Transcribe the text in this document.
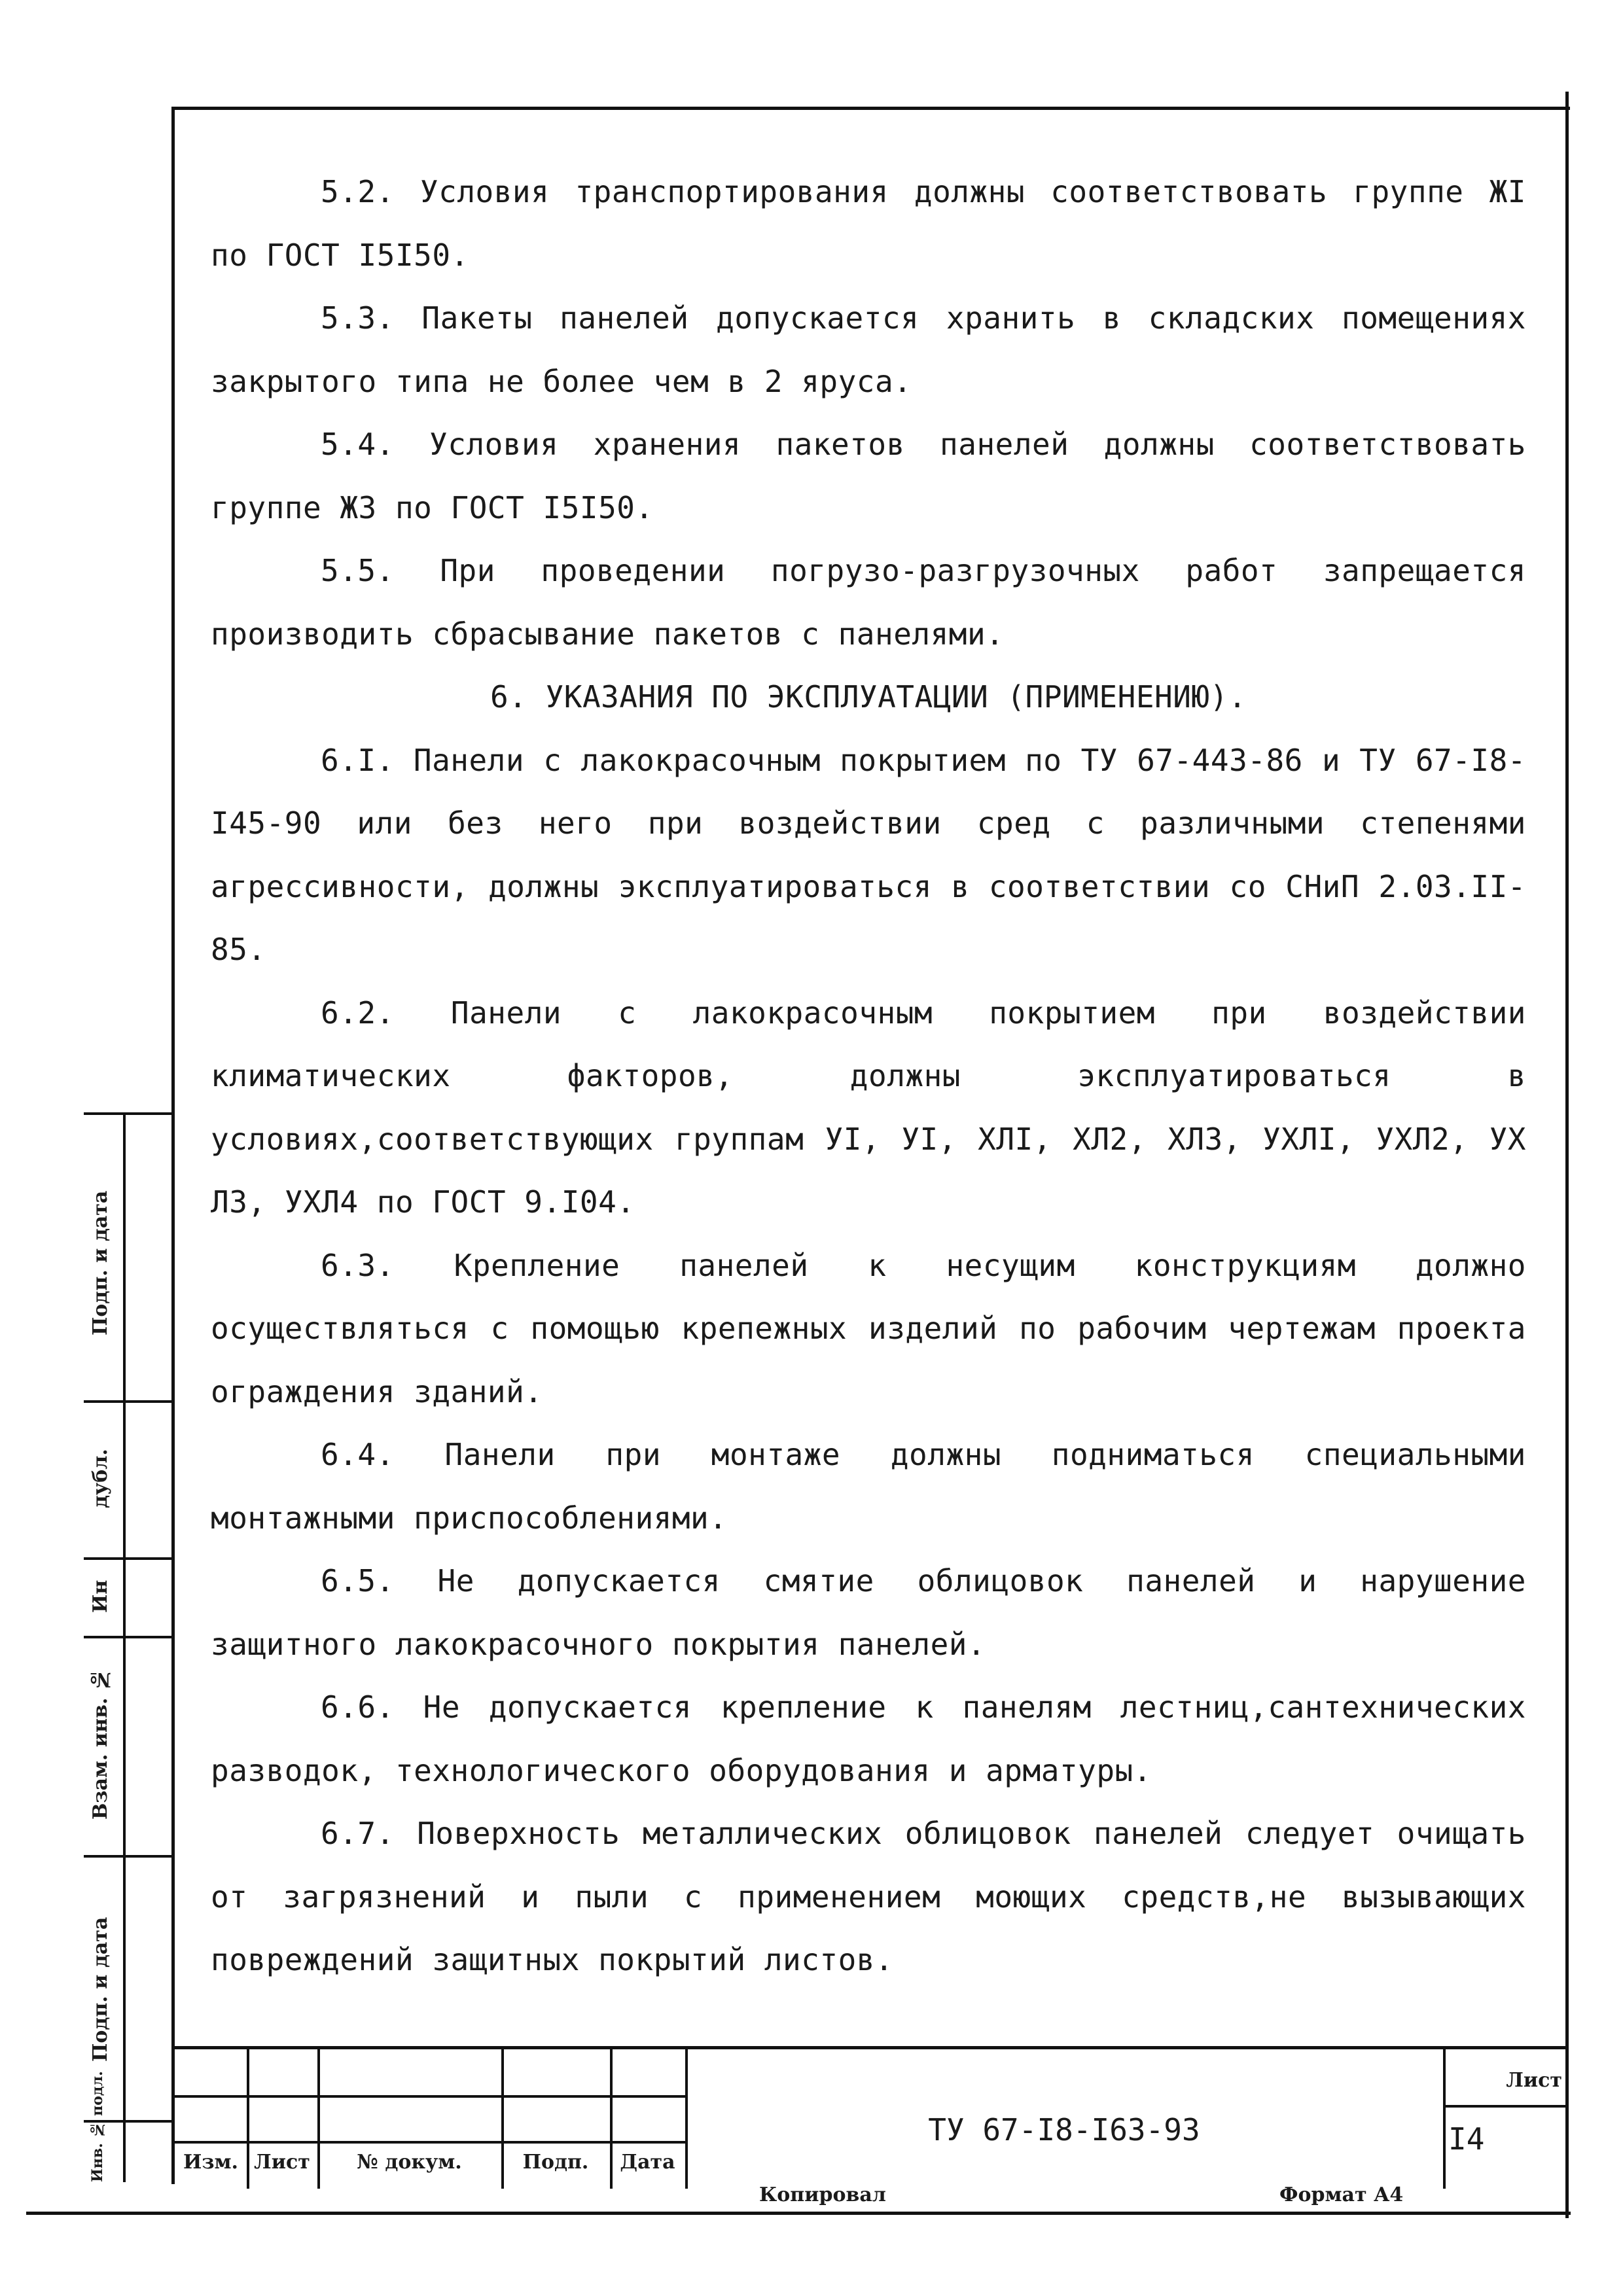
5.2. Условия транспортирования должны соответствовать группе ЖI по ГОСТ I5I50.

5.3. Пакеты панелей допускается хранить в складских помещениях закрытого типа не более чем в 2 яруса.

5.4. Условия хранения пакетов панелей должны соответствовать группе Ж3 по ГОСТ I5I50.

5.5. При проведении погрузо-разгрузочных работ запрещается производить сбрасывание пакетов с панелями.

6. УКАЗАНИЯ ПО ЭКСПЛУАТАЦИИ (ПРИМЕНЕНИЮ).

6.I. Панели с лакокрасочным покрытием по ТУ 67-443-86 и ТУ 67-I8-I45-90 или без него при воздействии сред с различными степенями агрессивности, должны эксплуатироваться в соответствии со СНиП 2.03.II-85.

6.2. Панели с лакокрасочным покрытием при воздействии климатических факторов, должны эксплуатироваться в условиях,соответствующих группам УI, УI, ХЛI, ХЛ2, ХЛ3, УХЛI, УХЛ2, УХ Л3, УХЛ4 по ГОСТ 9.I04.

6.3. Крепление панелей к несущим конструкциям должно осуществляться с помощью крепежных изделий по рабочим чертежам проекта ограждения зданий.

6.4. Панели при монтаже должны подниматься специальными монтажными приспособлениями.

6.5. Не допускается смятие облицовок панелей и нарушение защитного лакокрасочного покрытия панелей.

6.6. Не допускается крепление к панелям лестниц,сантехнических разводок, технологического оборудования и арматуры.

6.7. Поверхность металлических облицовок панелей следует очищать от загрязнений и пыли с применением моющих средств,не вызывающих повреждений защитных покрытий листов.

Подп. и дата
дубл.
Ин
Взам. инв. №
Подп. и дата
Инв. № подл.	Изм. Лист	№ докум.	Подп.	Дата
ТУ 67-I8-I63-93
Лист
I4
Копировал	Формат А4
